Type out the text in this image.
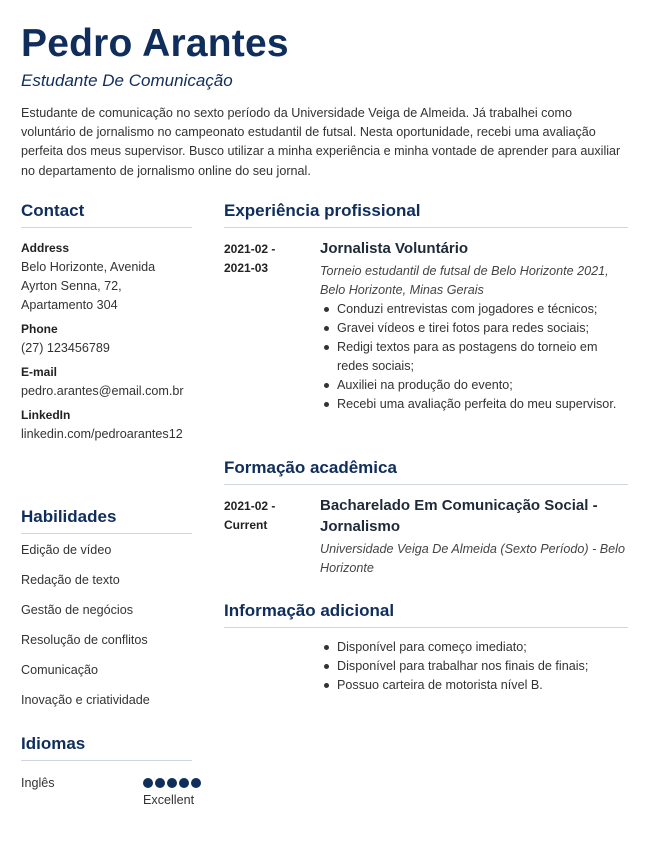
Pedro Arantes
Estudante De Comunicação
Estudante de comunicação no sexto período da Universidade Veiga de Almeida. Já trabalhei como voluntário de jornalismo no campeonato estudantil de futsal. Nesta oportunidade, recebi uma avaliação perfeita dos meus supervisor. Busco utilizar a minha experiência e minha vontade de aprender para auxiliar no departamento de jornalismo online do seu jornal.
Contact
Address
Belo Horizonte, Avenida
Ayrton Senna, 72,
Apartamento 304
Phone
(27) 123456789
E-mail
pedro.arantes@email.com.br
LinkedIn
linkedin.com/pedroarantes12
Habilidades
Edição de vídeo
Redação de texto
Gestão de negócios
Resolução de conflitos
Comunicação
Inovação e criatividade
Idiomas
Inglês
Excellent
Experiência profissional
2021-02 -
2021-03
Jornalista Voluntário
Torneio estudantil de futsal de Belo Horizonte 2021, Belo Horizonte, Minas Gerais
Conduzi entrevistas com jogadores e técnicos;
Gravei vídeos e tirei fotos para redes sociais;
Redigi textos para as postagens do torneio em redes sociais;
Auxiliei na produção do evento;
Recebi uma avaliação perfeita do meu supervisor.
Formação acadêmica
2021-02 -
Current
Bacharelado Em Comunicação Social - Jornalismo
Universidade Veiga De Almeida (Sexto Período) - Belo Horizonte
Informação adicional
Disponível para começo imediato;
Disponível para trabalhar nos finais de finais;
Possuo carteira de motorista nível B.
